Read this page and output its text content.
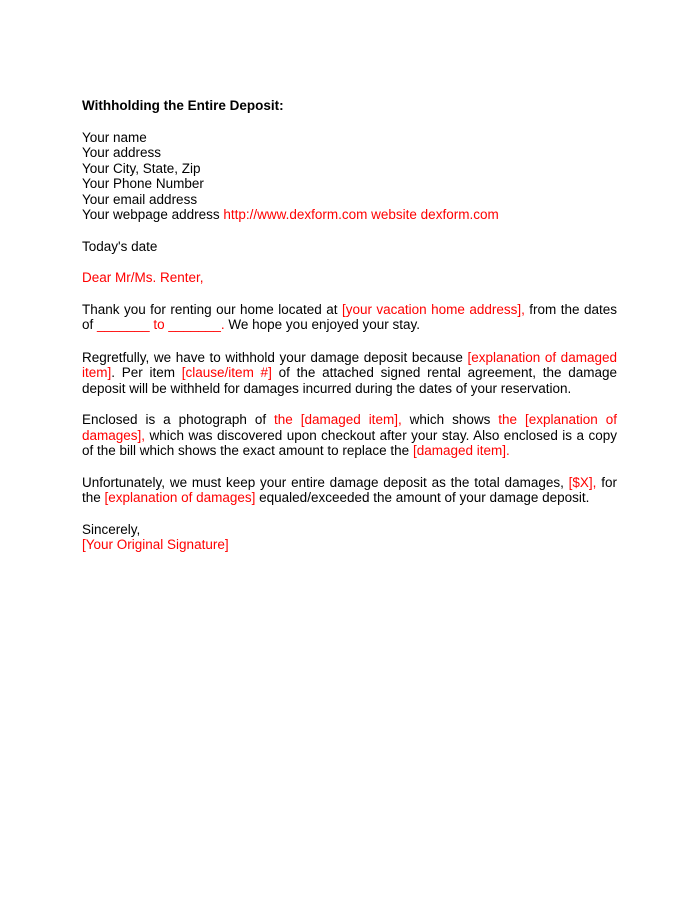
Withholding the Entire Deposit:

Your name
Your address
Your City, State, Zip
Your Phone Number
Your email address
Your webpage address http://www.dexform.com website dexform.com

Today's date

Dear Mr/Ms. Renter,

Thank you for renting our home located at [your vacation home address], from the dates of _______ to _______. We hope you enjoyed your stay.

Regretfully, we have to withhold your damage deposit because [explanation of damaged item]. Per item [clause/item #] of the attached signed rental agreement, the damage deposit will be withheld for damages incurred during the dates of your reservation.

Enclosed is a photograph of the [damaged item], which shows the [explanation of damages], which was discovered upon checkout after your stay. Also enclosed is a copy of the bill which shows the exact amount to replace the [damaged item].

Unfortunately, we must keep your entire damage deposit as the total damages, [$X], for the [explanation of damages] equaled/exceeded the amount of your damage deposit.

Sincerely,
[Your Original Signature]
